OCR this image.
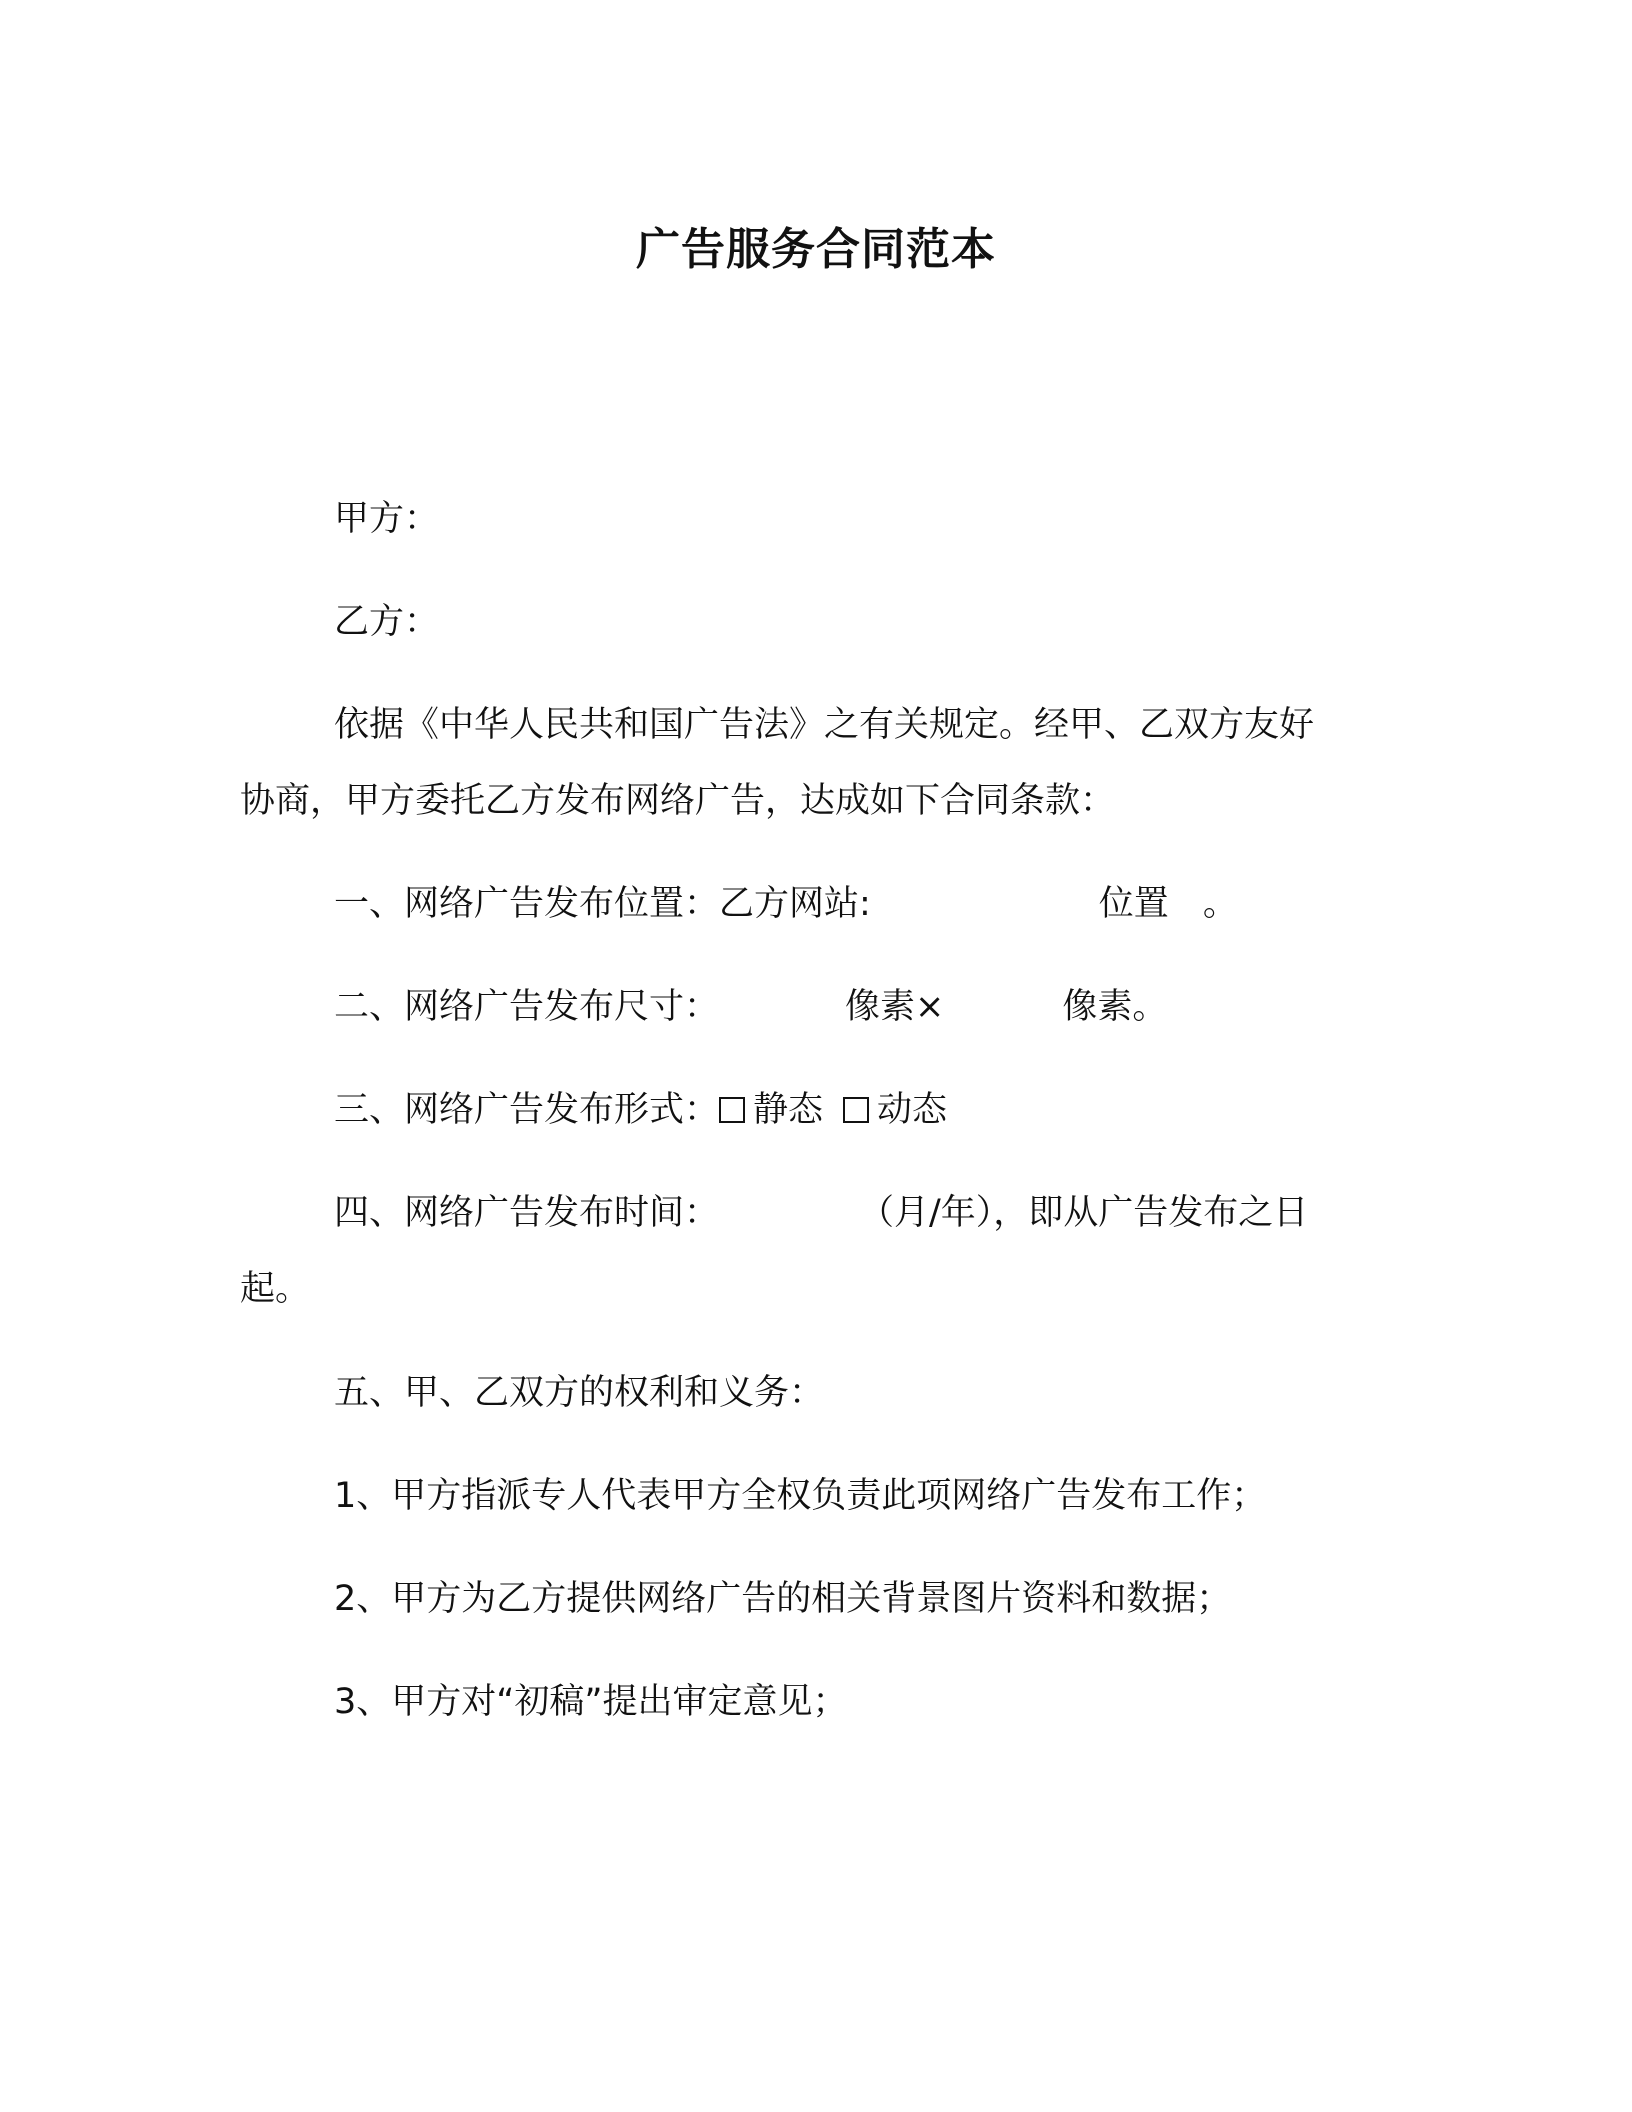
广告服务合同范本
甲方：
乙方：
依据《中华人民共和国广告法》之有关规定。经甲、乙双方友好
协商，甲方委托乙方发布网络广告，达成如下合同条款：
一、网络广告发布位置：乙方网站:	位置 。
二、网络广告发布尺寸：	像素×	像素。
三、网络广告发布形式： 静态 动态
四、网络广告发布时间：	（月/年），即从广告发布之日
起。
五、甲、乙双方的权利和义务：
1、甲方指派专人代表甲方全权负责此项网络广告发布工作；
2、甲方为乙方提供网络广告的相关背景图片资料和数据；
3、甲方对“初稿”提出审定意见；
